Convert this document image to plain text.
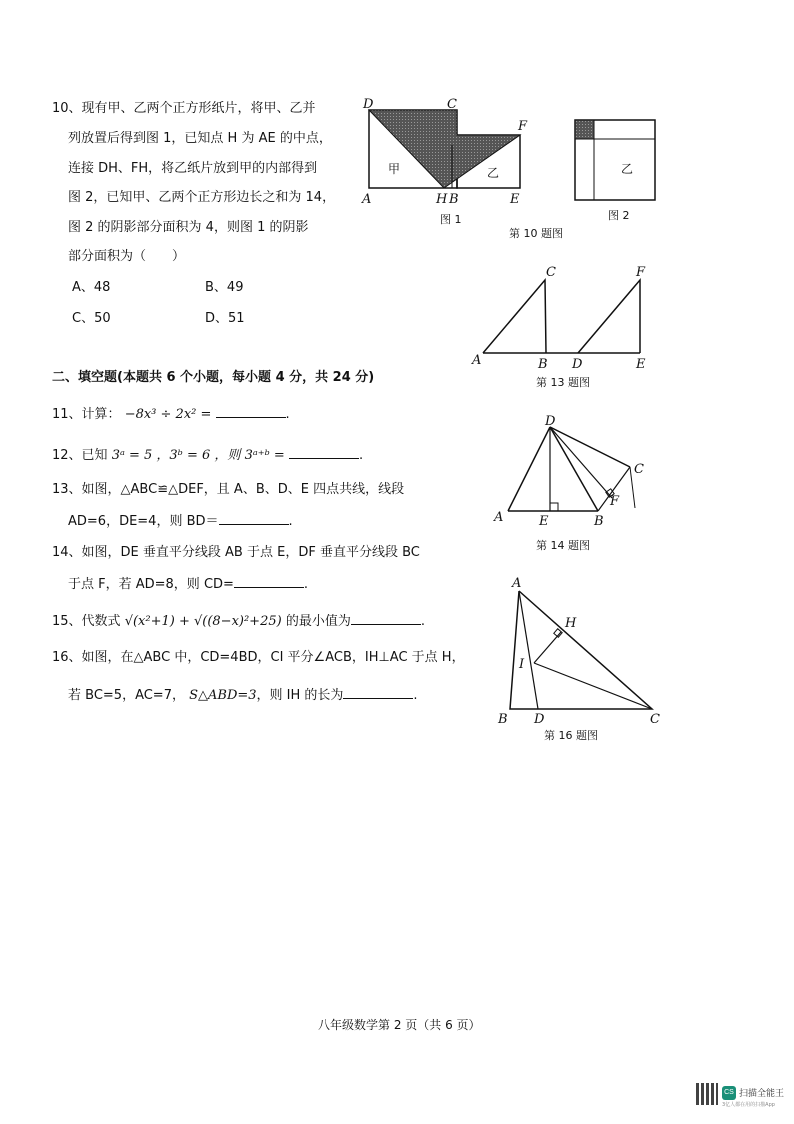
10、现有甲、乙两个正方形纸片，将甲、乙并
列放置后得到图 1，已知点 H 为 AE 的中点，
连接 DH、FH，将乙纸片放到甲的内部得到
图 2，已知甲、乙两个正方形边长之和为 14，
图 2 的阴影部分面积为 4，则图 1 的阴影
部分面积为（　　）
A、48	B、49
C、50	D、51
二、填空题(本题共 6 个小题，每小题 4 分，共 24 分)
11、计算： −8x³ ÷ 2x² =	.
12、已知 3ᵃ = 5 ，3ᵇ = 6 ，则 3ᵃ⁺ᵇ =	.
13、如图，△ABC≌△DEF，且 A、B、D、E 四点共线，线段
AD=6，DE=4，则 BD＝	.
14、如图，DE 垂直平分线段 AB 于点 E，DF 垂直平分线段 BC
于点 F，若 AD=8，则 CD=	.
15、代数式 √(x²+1) + √((8−x)²+25) 的最小值为	.
16、如图，在△ABC 中，CD=4BD，CI 平分∠ACB，IH⊥AC 于点 H，
若 BC=5，AC=7， S△ABD=3，则 IH 的长为	.
D	C
F
A	H B	E
甲	乙
图 1
乙
图 2
第 10 题图
C	F
A	B D	E
第 13 题图
D
C
F
A	E	B
第 14 题图
A
H
I
B D	C
第 16 题图
八年级数学第 2 页（共 6 页）
CS 扫描全能王
3亿人都在用的扫描App
